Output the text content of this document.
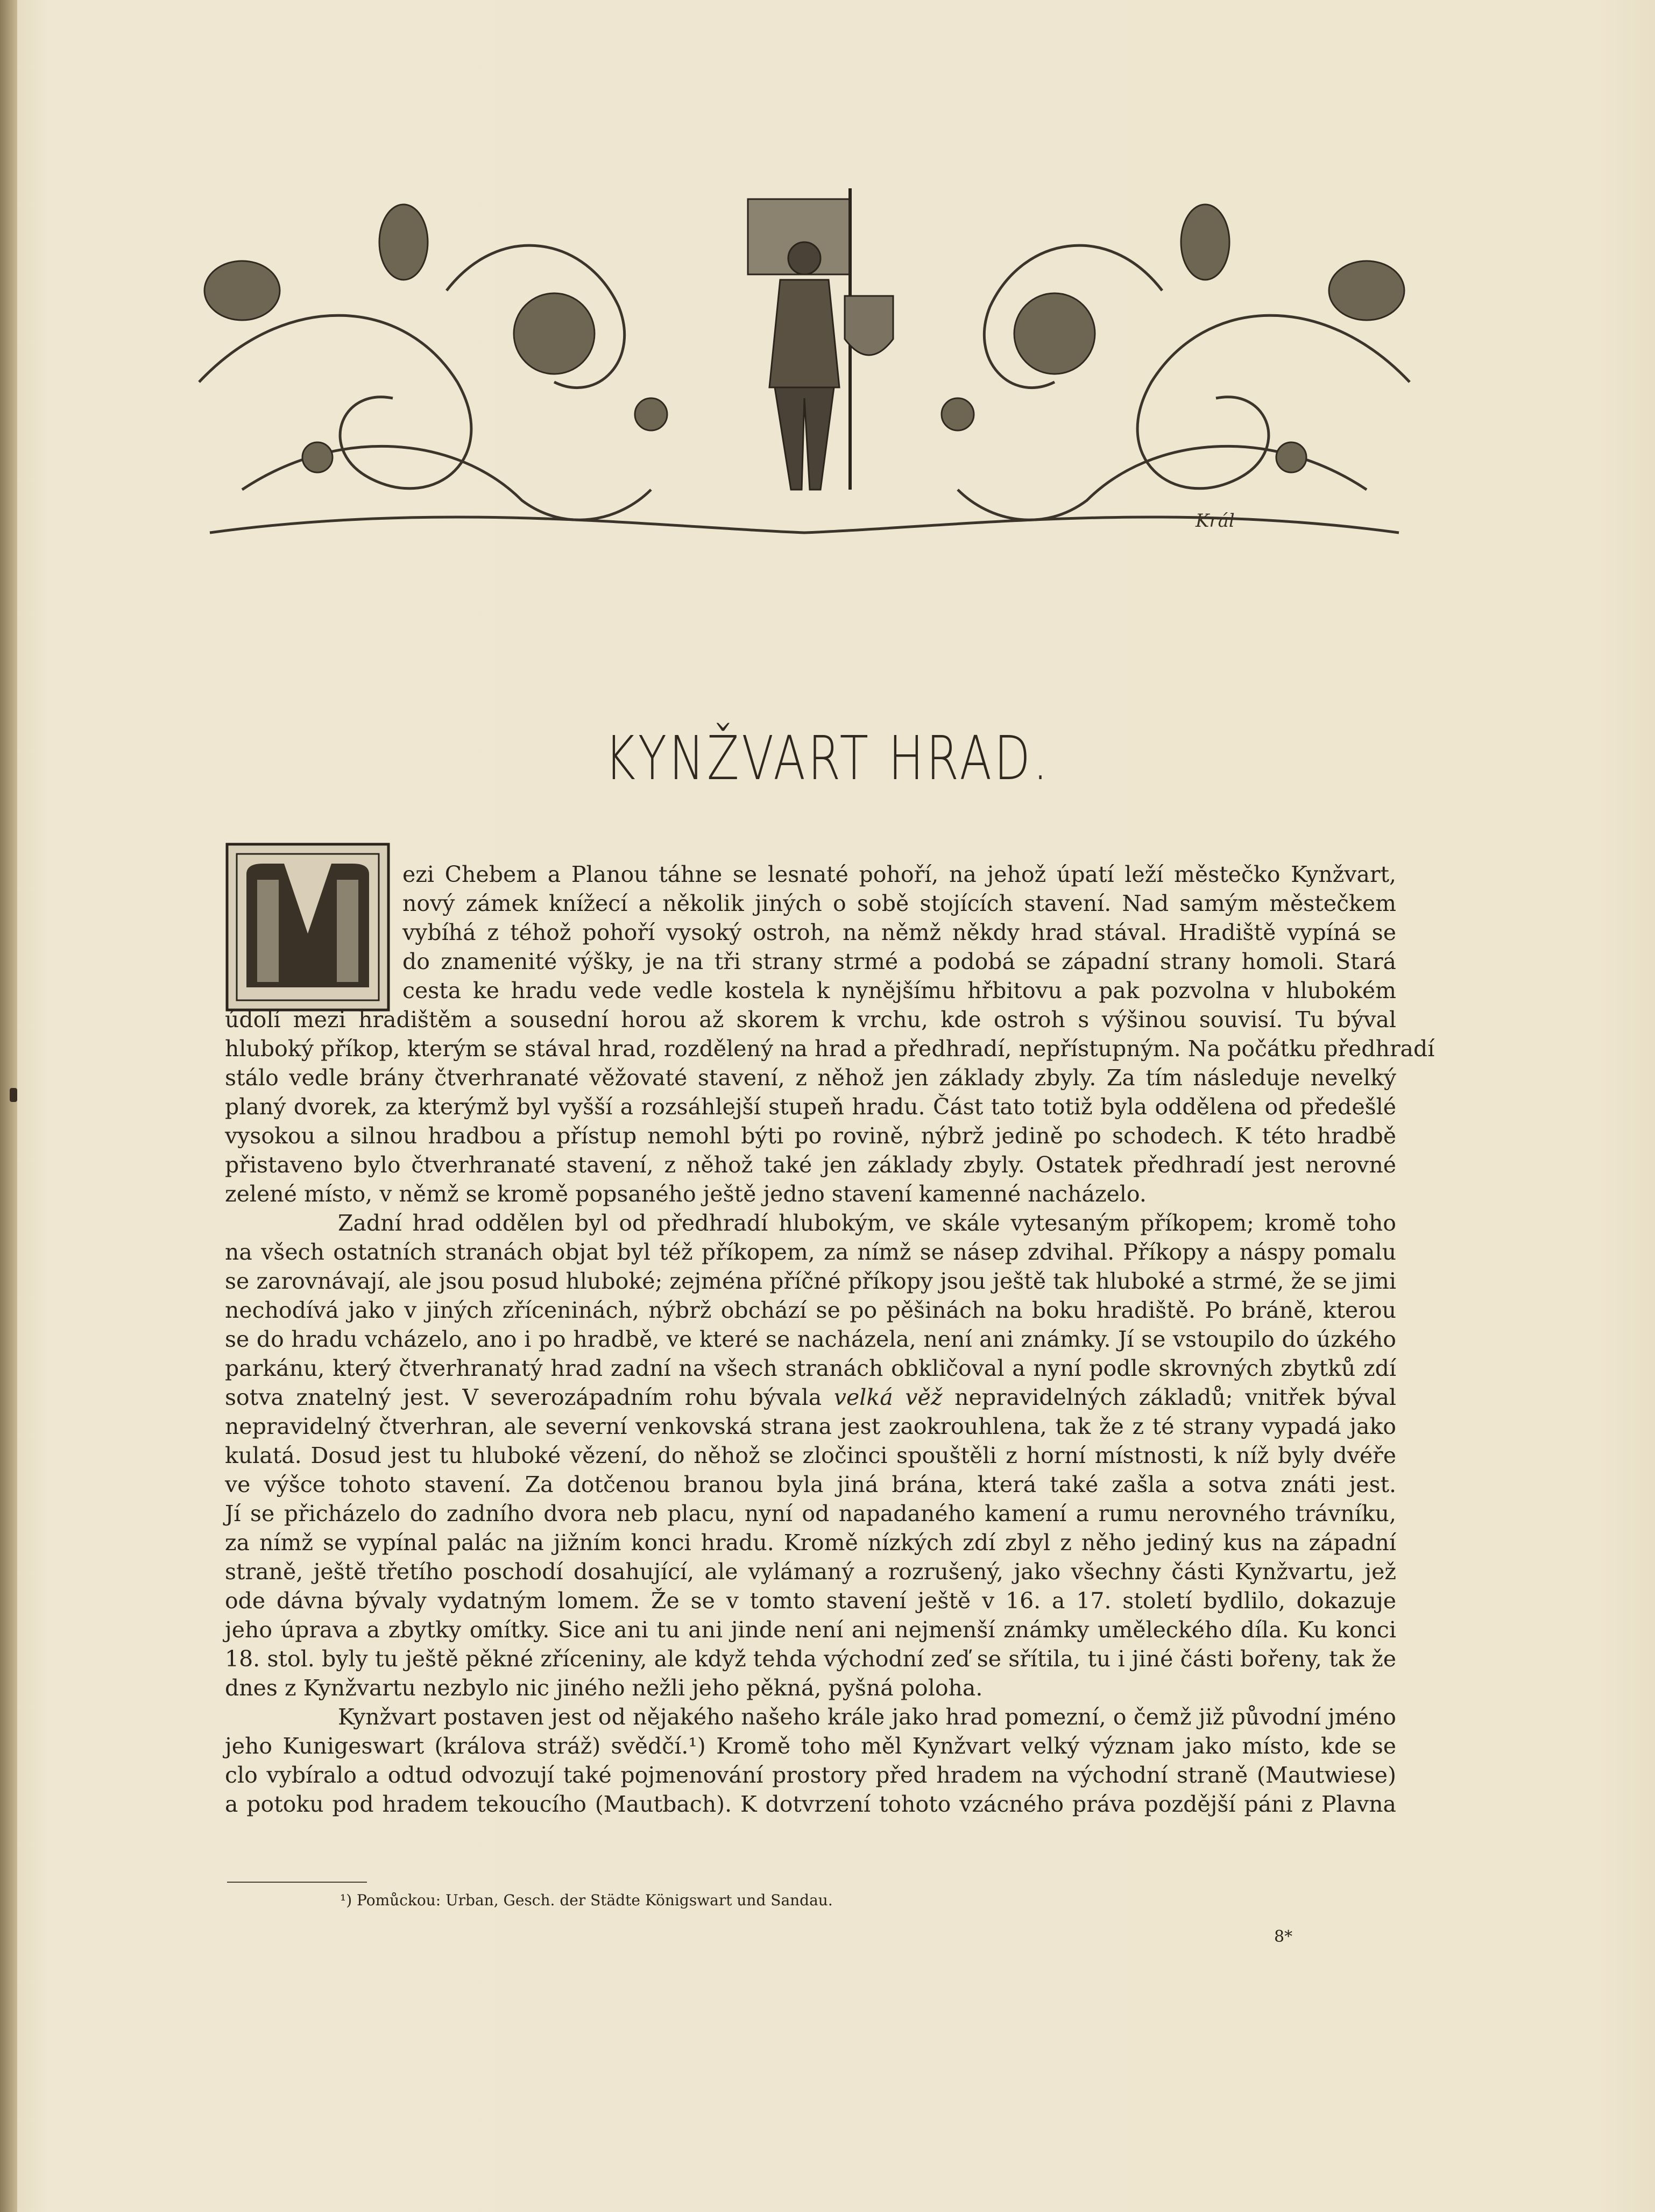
Král
KYNŽVART HRAD.
ezi Chebem a Planou táhne se lesnaté pohoří, na jehož úpatí leží městečko Kynžvart,
nový zámek knížecí a několik jiných o sobě stojících stavení. Nad samým městečkem
vybíhá z téhož pohoří vysoký ostroh, na němž někdy hrad stával. Hradiště vypíná se
do znamenité výšky, je na tři strany strmé a podobá se západní strany homoli. Stará
cesta ke hradu vede vedle kostela k nynějšímu hřbitovu a pak pozvolna v hlubokém
údolí mezi hradištěm a sousední horou až skorem k vrchu, kde ostroh s výšinou souvisí. Tu býval
hluboký příkop, kterým se stával hrad, rozdělený na hrad a předhradí, nepřístupným. Na počátku předhradí
stálo vedle brány čtverhranaté věžovaté stavení, z něhož jen základy zbyly. Za tím následuje nevelký
planý dvorek, za kterýmž byl vyšší a rozsáhlejší stupeň hradu. Část tato totiž byla oddělena od předešlé
vysokou a silnou hradbou a přístup nemohl býti po rovině, nýbrž jedině po schodech. K této hradbě
přistaveno bylo čtverhranaté stavení, z něhož také jen základy zbyly. Ostatek předhradí jest nerovné
zelené místo, v němž se kromě popsaného ještě jedno stavení kamenné nacházelo.
Zadní hrad oddělen byl od předhradí hlubokým, ve skále vytesaným příkopem; kromě toho
na všech ostatních stranách objat byl též příkopem, za nímž se násep zdvihal. Příkopy a náspy pomalu
se zarovnávají, ale jsou posud hluboké; zejména příčné příkopy jsou ještě tak hluboké a strmé, že se jimi
nechodívá jako v jiných zříceninách, nýbrž obchází se po pěšinách na boku hradiště. Po bráně, kterou
se do hradu vcházelo, ano i po hradbě, ve které se nacházela, není ani známky. Jí se vstoupilo do úzkého
parkánu, který čtverhranatý hrad zadní na všech stranách obkličoval a nyní podle skrovných zbytků zdí
sotva znatelný jest. V severozápadním rohu bývala velká věž nepravidelných základů; vnitřek býval
nepravidelný čtverhran, ale severní venkovská strana jest zaokrouhlena, tak že z té strany vypadá jako
kulatá. Dosud jest tu hluboké vězení, do něhož se zločinci spouštěli z horní místnosti, k níž byly dvéře
ve výšce tohoto stavení. Za dotčenou branou byla jiná brána, která také zašla a sotva znáti jest.
Jí se přicházelo do zadního dvora neb placu, nyní od napadaného kamení a rumu nerovného trávníku,
za nímž se vypínal palác na jižním konci hradu. Kromě nízkých zdí zbyl z něho jediný kus na západní
straně, ještě třetího poschodí dosahující, ale vylámaný a rozrušený, jako všechny části Kynžvartu, jež
ode dávna bývaly vydatným lomem. Že se v tomto stavení ještě v 16. a 17. století bydlilo, dokazuje
jeho úprava a zbytky omítky. Sice ani tu ani jinde není ani nejmenší známky uměleckého díla. Ku konci
18. stol. byly tu ještě pěkné zříceniny, ale když tehda východní zeď se sřítila, tu i jiné části bořeny, tak že
dnes z Kynžvartu nezbylo nic jiného nežli jeho pěkná, pyšná poloha.
Kynžvart postaven jest od nějakého našeho krále jako hrad pomezní, o čemž již původní jméno
jeho Kunigeswart (králova stráž) svědčí.¹) Kromě toho měl Kynžvart velký význam jako místo, kde se
clo vybíralo a odtud odvozují také pojmenování prostory před hradem na východní straně (Mautwiese)
a potoku pod hradem tekoucího (Mautbach). K dotvrzení tohoto vzácného práva pozdější páni z Plavna
¹) Pomůckou: Urban, Gesch. der Städte Königswart und Sandau.
8*
